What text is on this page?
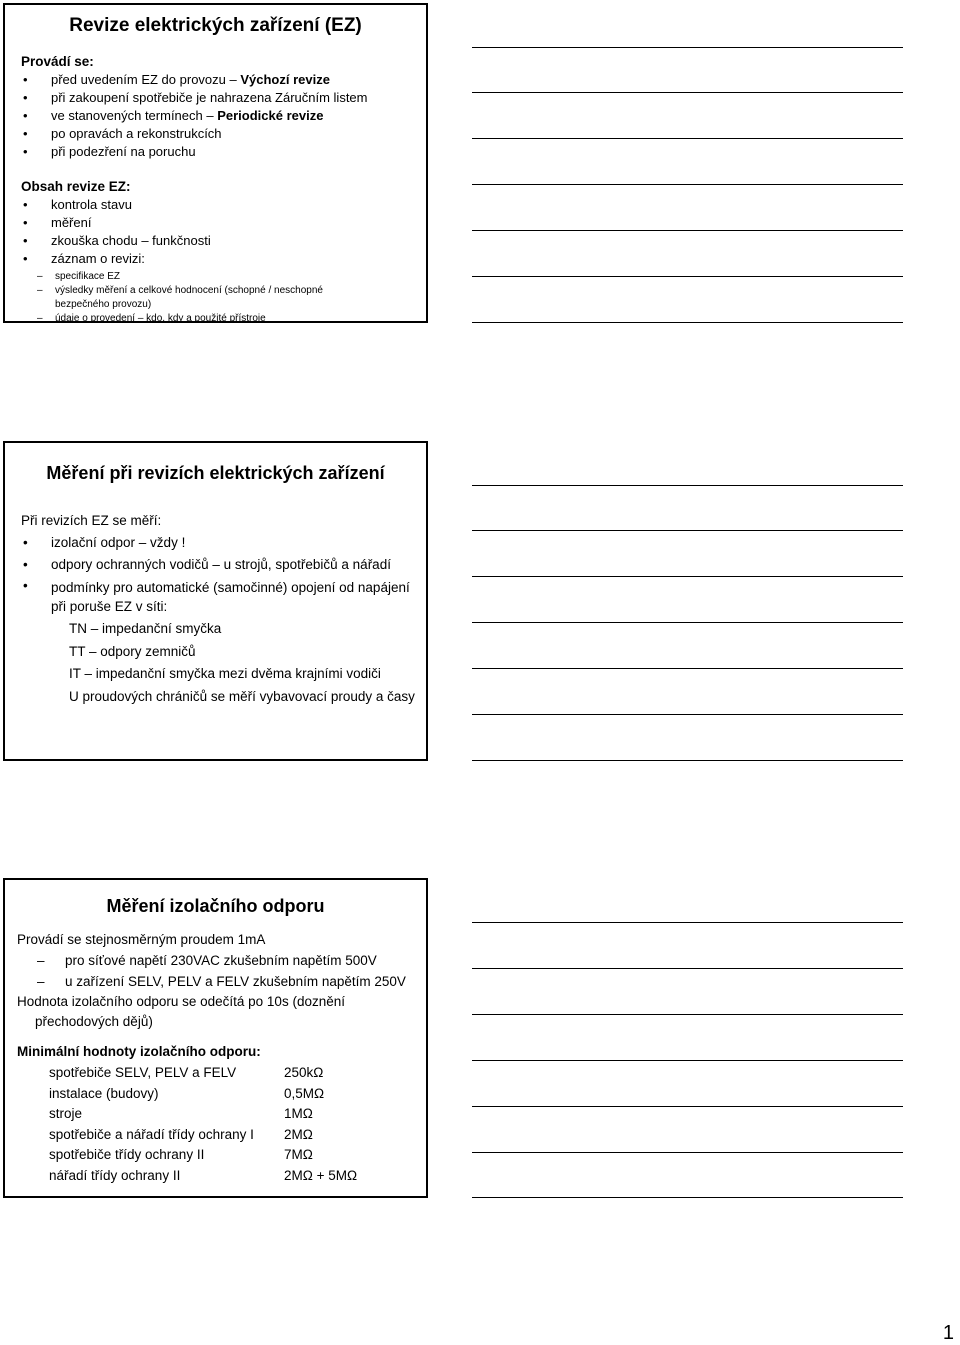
Revize elektrických zařízení (EZ)
Provádí se:
• před uvedením EZ do provozu – Výchozí revize
• při zakoupení spotřebiče je nahrazena Záručním listem
• ve stanovených termínech – Periodické revize
• po opravách a rekonstrukcích
• při podezření na poruchu
Obsah revize EZ:
• kontrola stavu
• měření
• zkouška chodu – funkčnosti
• záznam o revizi:
– specifikace EZ
– výsledky měření a celkové hodnocení (schopné / neschopné bezpečného provozu)
– údaje o provedení – kdo, kdy a použité přístroje
Měření při revizích elektrických zařízení
Při revizích EZ se měří:
• izolační odpor – vždy !
• odpory ochranných vodičů – u strojů, spotřebičů a nářadí
• podmínky pro automatické (samočinné) opojení od napájení při poruše EZ v síti:
TN – impedanční smyčka
TT – odpory zemničů
IT – impedanční smyčka mezi dvěma krajními vodiči
U proudových chráničů se měří vybavovací proudy a časy
Měření izolačního odporu
Provádí se stejnosměrným proudem 1mA
– pro síťové napětí 230VAC zkušebním napětím 500V
– u zařízení SELV, PELV a FELV zkušebním napětím 250V
Hodnota izolačního odporu se odečítá po 10s (doznění přechodových dějů)
Minimální hodnoty izolačního odporu:
spotřebiče SELV, PELV a FELV	250kΩ
instalace (budovy)	0,5MΩ
stroje	1MΩ
spotřebiče a nářadí třídy ochrany I	2MΩ
spotřebiče třídy ochrany II	7MΩ
nářadí třídy ochrany II	2MΩ + 5MΩ
1
